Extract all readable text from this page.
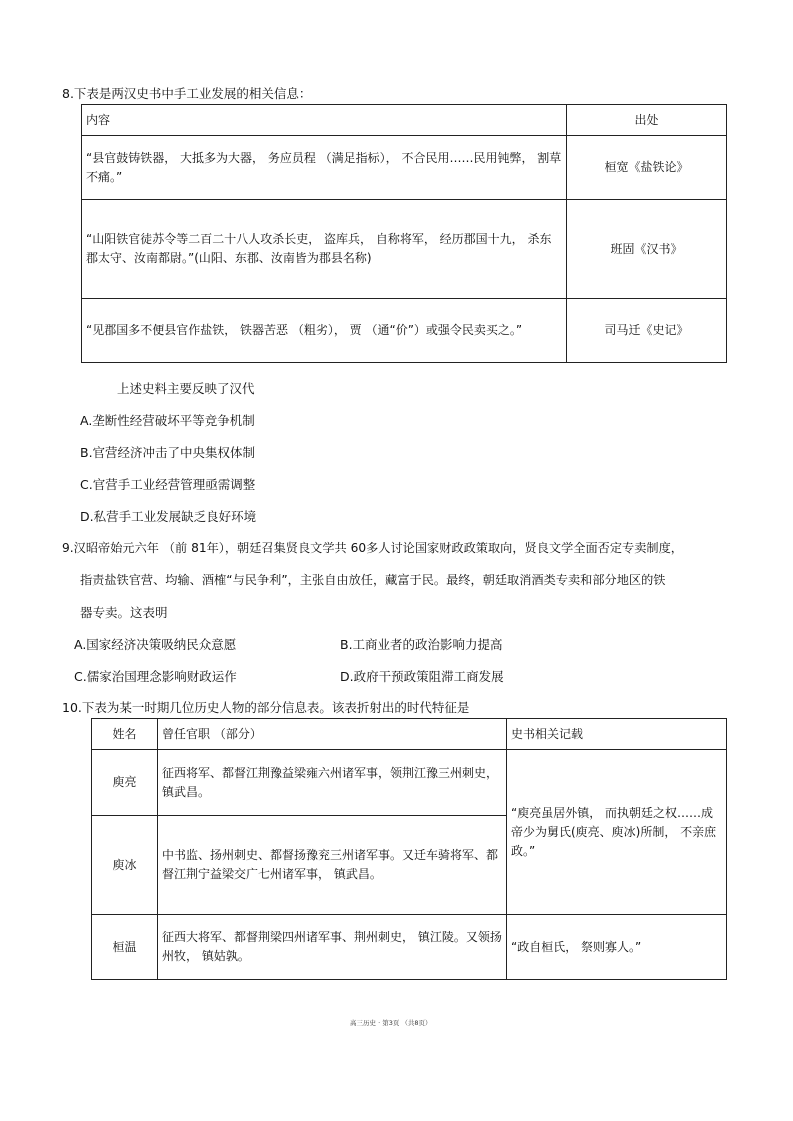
8.下表是两汉史书中手工业发展的相关信息：
内容	出处
“县官鼓铸铁器， 大抵多为大器， 务应员程 （满足指标）， 不合民用……民用钝弊， 割草不痛。”	桓宽《盐铁论》
“山阳铁官徒苏令等二百二十八人攻杀长吏， 盗库兵， 自称将军， 经历郡国十九， 杀东郡太守、汝南都尉。”(山阳、东郡、汝南皆为郡县名称)	班固《汉书》
“见郡国多不便县官作盐铁， 铁器苦恶 （粗劣）， 贾 （通“价”）或强令民卖买之。”	司马迁《史记》
上述史料主要反映了汉代
A.垄断性经营破坏平等竞争机制
B.官营经济冲击了中央集权体制
C.官营手工业经营管理亟需调整
D.私营手工业发展缺乏良好环境
9.汉昭帝始元六年 （前 81年），朝廷召集贤良文学共 60多人讨论国家财政政策取向，贤良文学全面否定专卖制度，
指责盐铁官营、均输、酒榷“与民争利”，主张自由放任，藏富于民。最终，朝廷取消酒类专卖和部分地区的铁
器专卖。这表明
A.国家经济决策吸纳民众意愿	B.工商业者的政治影响力提高
C.儒家治国理念影响财政运作	D.政府干预政策阻滞工商发展
10.下表为某一时期几位历史人物的部分信息表。该表折射出的时代特征是
姓名	曾任官职 （部分）	史书相关记载
庾亮	征西将军、都督江荆豫益梁雍六州诸军事，领荆江豫三州刺史，镇武昌。	“庾亮虽居外镇， 而执朝廷之权……成帝少为舅氏(庾亮、庾冰)所制， 不亲庶政。”
庾冰	中书监、扬州刺史、都督扬豫兖三州诸军事。又迁车骑将军、都督江荆宁益梁交广七州诸军事， 镇武昌。	
桓温	征西大将军、都督荆梁四州诸军事、荆州刺史， 镇江陵。又领扬州牧， 镇姑孰。	“政自桓氏， 祭则寡人。”
高三历史 · 第3页 （共8页）
